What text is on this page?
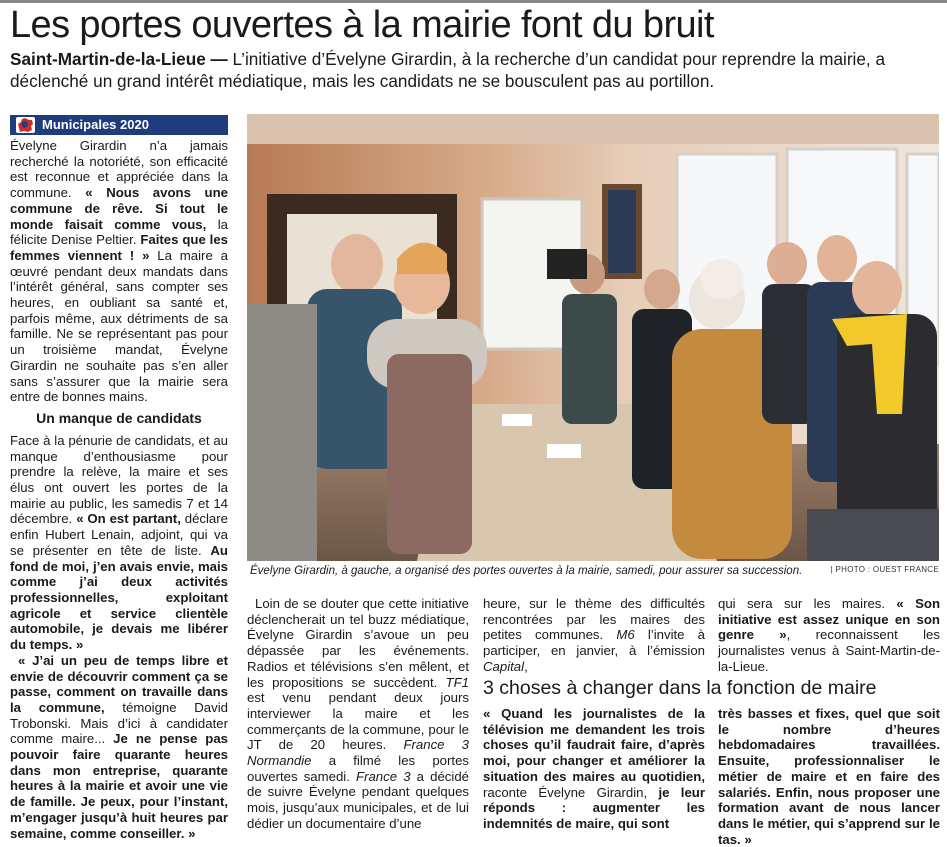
Les portes ouvertes à la mairie font du bruit

Saint-Martin-de-la-Lieue — L’initiative d’Évelyne Girardin, à la recherche d’un candidat pour reprendre la mairie, a déclenché un grand intérêt médiatique, mais les candidats ne se bousculent pas au portillon.

Municipales 2020

Évelyne Girardin n’a jamais recherché la notoriété, son efficacité est reconnue et appréciée dans la commune. « Nous avons une commune de rêve. Si tout le monde faisait comme vous, la félicite Denise Peltier. Faites que les femmes viennent ! » La maire a œuvré pendant deux mandats dans l’intérêt général, sans compter ses heures, en oubliant sa santé et, parfois même, aux détriments de sa famille. Ne se représentant pas pour un troisième mandat, Évelyne Girardin ne souhaite pas s’en aller sans s’assurer que la mairie sera entre de bonnes mains.

Un manque de candidats

Face à la pénurie de candidats, et au manque d’enthousiasme pour prendre la relève, la maire et ses élus ont ouvert les portes de la mairie au public, les samedis 7 et 14 décembre. « On est partant, déclare enfin Hubert Lenain, adjoint, qui va se présenter en tête de liste. Au fond de moi, j’en avais envie, mais comme j’ai deux activités professionnelles, exploitant agricole et service clientèle automobile, je devais me libérer du temps. »

« J’ai un peu de temps libre et envie de découvrir comment ça se passe, comment on travaille dans la commune, témoigne David Trobonski. Mais d’ici à candidater comme maire... Je ne pense pas pouvoir faire quarante heures dans mon entreprise, quarante heures à la mairie et avoir une vie de famille. Je peux, pour l’instant, m’engager jusqu’à huit heures par semaine, comme conseiller. »

Évelyne Girardin, à gauche, a organisé des portes ouvertes à la mairie, samedi, pour assurer sa succession.	| PHOTO : OUEST FRANCE

Loin de se douter que cette initiative déclencherait un tel buzz médiatique, Évelyne Girardin s’avoue un peu dépassée par les événements. Radios et télévisions s’en mêlent, et les propositions se succèdent. TF1 est venu pendant deux jours interviewer la maire et les commerçants de la commune, pour le JT de 20 heures. France 3 Normandie a filmé les portes ouvertes samedi. France 3 a décidé de suivre Évelyne pendant quelques mois, jusqu’aux municipales, et de lui dédier un documentaire d’une

heure, sur le thème des difficultés rencontrées par les maires des petites communes. M6 l’invite à participer, en janvier, à l’émission Capital,

qui sera sur les maires. « Son initiative est assez unique en son genre », reconnaissent les journalistes venus à Saint-Martin-de-la-Lieue.

3 choses à changer dans la fonction de maire

« Quand les journalistes de la télévision me demandent les trois choses qu’il faudrait faire, d’après moi, pour changer et améliorer la situation des maires au quotidien, raconte Évelyne Girardin, je leur réponds : augmenter les indemnités de maire, qui sont

très basses et fixes, quel que soit le nombre d’heures hebdomadaires travaillées. Ensuite, professionnaliser le métier de maire et en faire des salariés. Enfin, nous proposer une formation avant de nous lancer dans le métier, qui s’apprend sur le tas. »
